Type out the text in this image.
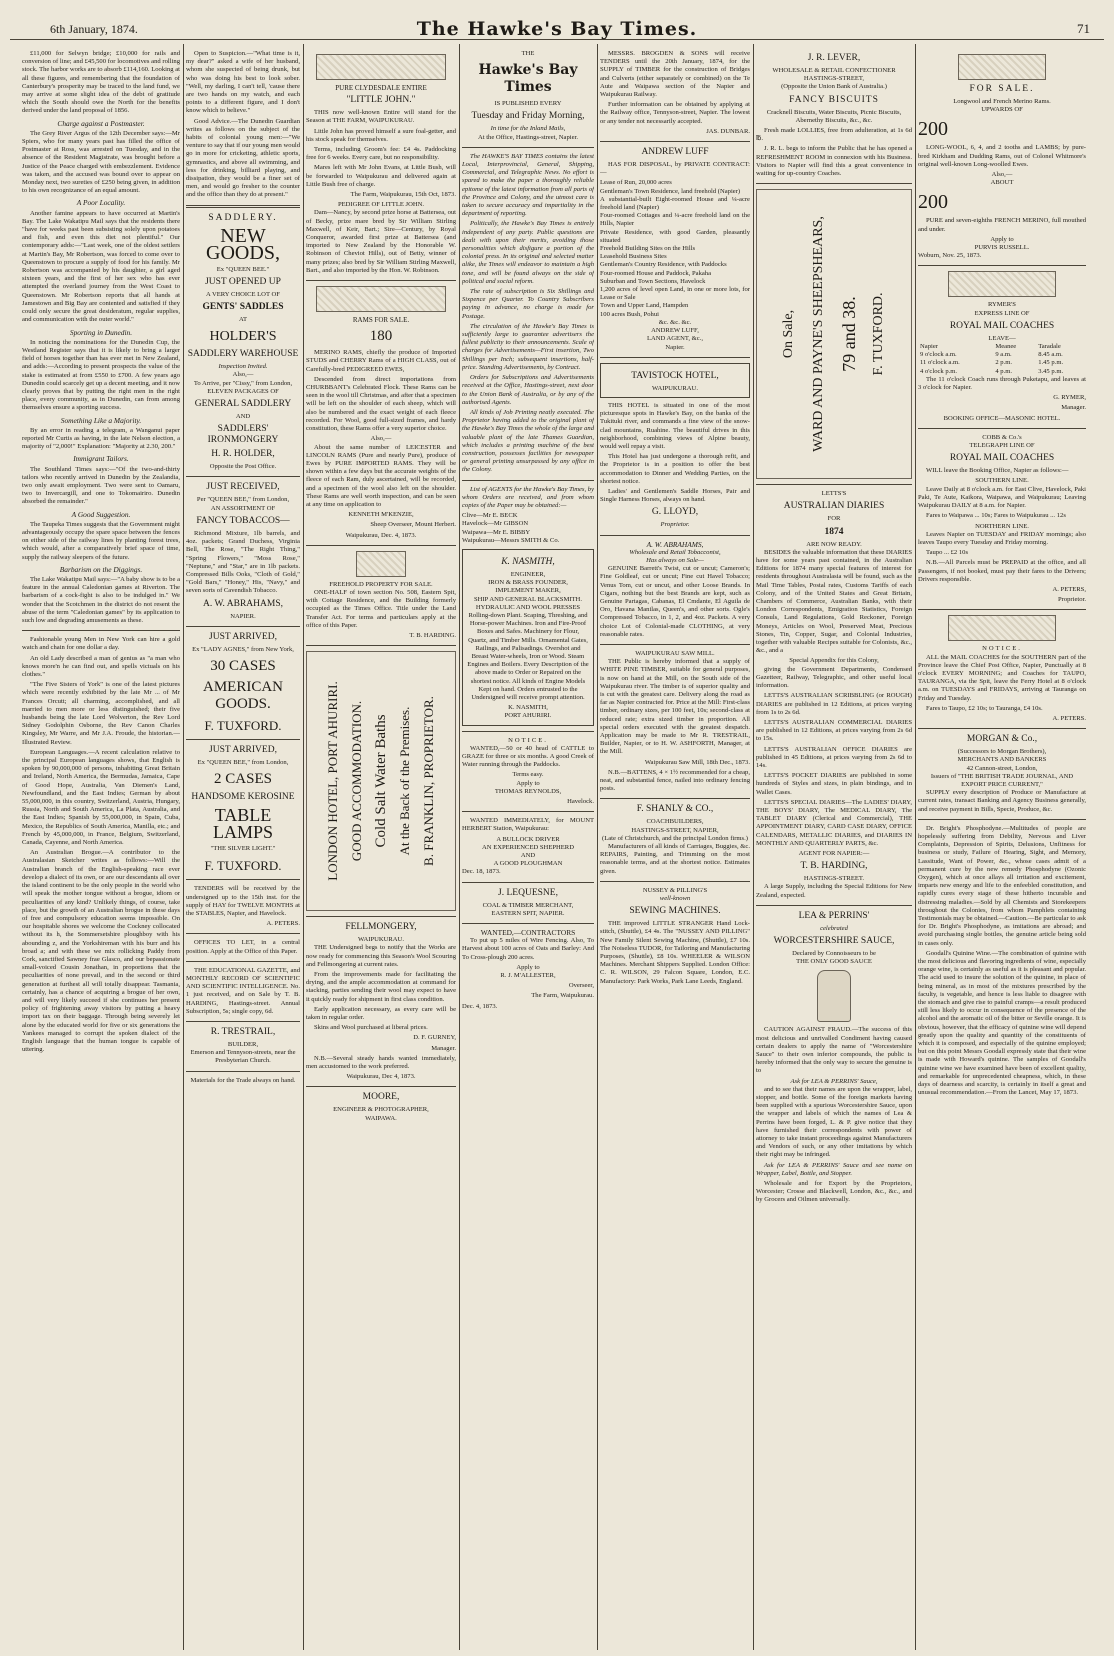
6th January, 1874.	The Hawke's Bay Times.	71

£11,000 for Selwyn bridge; £10,000 for rails and conversion of line; and £45,500 for locomotives and rolling stock. The harbor works are to absorb £114,160. Looking at all these figures, and remembering that the foundation of Canterbury's prosperity may be traced to the land fund, we may arrive at some slight idea of the debt of gratitude which the South should owe the North for the benefits derived under the land proposal of 1856.

Charge against a Postmaster.

The Grey River Argus of the 12th December says:—Mr Spiers, who for many years past has filled the office of Postmaster at Ross, was arrested on Tuesday, and in the absence of the Resident Magistrate, was brought before a Justice of the Peace charged with embezzlement. Evidence was taken, and the accused was bound over to appear on Monday next, two sureties of £250 being given, in addition to his own recognizance of an equal amount.

A Poor Locality.

Another famine appears to have occurred at Martin's Bay. The Lake Wakatipu Mail says that the residents there "have for weeks past been subsisting solely upon potatoes and fish, and even this diet not plentiful." Our contemporary adds:—"Last week, one of the oldest settlers at Martin's Bay, Mr Robertson, was forced to come over to Queenstown to procure a supply of food for his family. Mr Robertson was accompanied by his daughter, a girl aged sixteen years, and the first of her sex who has ever attempted the overland journey from the West Coast to Queenstown. Mr Robertson reports that all hands at Jamestown and Big Bay are contented and satisfied if they could only secure the great desideratum, regular supplies, and communication with the outer world."

Sporting in Dunedin.

In noticing the nominations for the Dunedin Cup, the Westland Register says that it is likely to bring a larger field of horses together than has ever met in New Zealand, and adds:—According to present prospects the value of the stake is estimated at from £550 to £700. A few years ago Dunedin could scarcely get up a decent meeting, and it now clearly proves that by putting the right men in the right place, every community, as in Dunedin, can from among themselves ensure a sporting success.

Something Like a Majority.

By an error in reading a telegram, a Wanganui paper reported Mr Curtis as having, in the late Nelson election, a majority of "2,000!" Explanation: "Majority at 2.30, 200."

Immigrant Tailors.

The Southland Times says:—"Of the two-and-thirty tailors who recently arrived in Dunedin by the Zealandia, two only await employment. Two were sent to Oamaru, two to Invercargill, and one to Tokomairiro. Dunedin absorbed the remainder."

A Good Suggestion.

The Taupeka Times suggests that the Government might advantageously occupy the spare space between the fences on either side of the railway lines by planting forest trees, which would, after a comparatively brief space of time, supply the railway sleepers of the future.

Barbarism on the Diggings.

The Lake Wakatipu Mail says:—"A baby show is to be a feature in the annual Caledonian games at Riverton. The barbarism of a cock-fight is also to be indulged in." We wonder that the Scotchmen in the district do not resent the abuse of the term "Caledonian games" by its application to such low and degrading amusements as these.

Fashionable young Men in New York can hire a gold watch and chain for one dollar a day.

An old Lady described a man of genius as "a man who knows more'n he can find out, and spells victuals on his clothes."

"The Five Sisters of York" is one of the latest pictures which were recently exhibited by the late Mr ... of Mr Frances Orcutt; all charming, accomplished, and all married to men more or less distinguished; their five husbands being the late Lord Wolverton, the Rev Lord Sidney Godolphin Osborne, the Rev Canon Charles Kingsley, Mr Warre, and Mr J.A. Froude, the historian.—Illustrated Review.

European Languages.—A recent calculation relative to the principal European languages shows, that English is spoken by 90,000,000 of persons, inhabiting Great Britain and Ireland, North America, the Bermudas, Jamaica, Cape of Good Hope, Australia, Van Diemen's Land, Newfoundland, and the East Indies; German by about 55,000,000, in this country, Switzerland, Austria, Hungary, Russia, North and South America, La Plata, Australia, and the East Indies; Spanish by 55,000,000, in Spain, Cuba, Mexico, the Republics of South America, Manilla, etc.; and French by 45,000,000, in France, Belgium, Switzerland, Canada, Cayenne, and North America.

An Australian Brogue.—A contributor to the Australasian Sketcher writes as follows:—Will the Australian branch of the English-speaking race ever develop a dialect of its own, or are our descendants all over the island continent to be the only people in the world who will speak the mother tongue without a brogue, idiom or peculiarities of any kind? Unlikely things, of course, take place, but the growth of an Australian brogue in these days of free and compulsory education seems impossible. On our hospitable shores we welcome the Cockney collocated without its h, the Sommersetshire ploughboy with his abounding z, and the Yorkshireman with his burr and his broad a; and with these we mix rollicking Paddy from Cork, sanctified Sawney frae Glasco, and our bepassionate small-voiced Cousin Jonathan, in proportions that the peculiarities of none prevail, and in the second or third generation at furthest all will totally disappear. Tasmania, certainly, has a chance of acquiring a brogue of her own, and will very likely succeed if she continues her present policy of frightening away visitors by putting a heavy import tax on their baggage. Through being severely let alone by the educated world for five or six generations the Yankees managed to corrupt the spoken dialect of the English language that the human tongue is capable of uttering.

Open to Suspicion.—"What time is it, my dear?" asked a wife of her husband, whom she suspected of being drunk, but who was doing his best to look sober. "Well, my darling, I can't tell, 'cause there are two hands on my watch, and each points to a different figure, and I don't know which to believe."

Good Advice.—The Dunedin Guardian writes as follows on the subject of the habits of colonial young men:—"We venture to say that if our young men would go in more for cricketing, athletic sports, gymnastics, and above all swimming, and less for drinking, billiard playing, and dissipation, they would be a finer set of men, and would go fresher to the counter and the office than they do at present."

SADDLERY.
NEW GOODS,
Ex "QUEEN BEE."
JUST OPENED UP
A VERY CHOICE LOT OF
GENTS' SADDLES
AT
HOLDER'S
SADDLERY WAREHOUSE
Inspection Invited.
Also,—
To Arrive, per "Cissy," from London,
ELEVEN PACKAGES OF
GENERAL SADDLERY
AND
SADDLERS' IRONMONGERY
H. R. HOLDER,
Opposite the Post Office.
JUST RECEIVED,
Per "QUEEN BEE," from London,
AN ASSORTMENT OF
FANCY TOBACCOS—

Richmond Mixture, 1lb barrels, and 4oz. packets; Grand Duchess, Virginia Bell, The Rose, "The Right Thing," "Spring Flowers," "Moss Rose," "Neptune," and "Star," are in 1lb packets. Compressed Bills Ooks, "Cloth of Gold," "Gold Bars," "Honey," His, "Navy," and seven sorts of Cavendish Tobacco.

A. W. ABRAHAMS,
NAPIER.
JUST ARRIVED,
Ex "LADY AGNES," from New York,
30 CASES
AMERICAN GOODS.
F. TUXFORD.
JUST ARRIVED,
Ex "QUEEN BEE," from London,
2 CASES
HANDSOME KEROSINE
TABLE LAMPS
"THE SILVER LIGHT."
F. TUXFORD.

TENDERS will be received by the undersigned up to the 15th inst. for the supply of HAY for TWELVE MONTHS at the STABLES, Napier, and Havelock.

A. PETERS.

OFFICES TO LET, in a central position. Apply at the Office of this Paper.

THE EDUCATIONAL GAZETTE, and MONTHLY RECORD OF SCIENTIFIC AND SCIENTIFIC INTELLIGENCE. No. 1 just received, and on Sale by T. B. HARDING, Hastings-street. Annual Subscription, 5s; single copy, 6d.

R. TRESTRAIL,
BUILDER,
Emerson and Tennyson-streets, near the Presbyterian Church.
Materials for the Trade always on hand.
PURE CLYDESDALE ENTIRE
"LITTLE JOHN."

THIS now well-known Entire will stand for the Season at THE FARM, WAIPUKURAU.

Little John has proved himself a sure foal-getter, and his stock speak for themselves.

Terms, including Groom's fee: £4 4s. Paddocking free for 6 weeks. Every care, but no responsibility.

Mares left with Mr John Evans, at Little Bush, will be forwarded to Waipukurau and delivered again at Little Bush free of charge.

The Farm, Waipukurau, 15th Oct, 1873.
PEDIGREE OF LITTLE JOHN.

Dam—Nancy, by second prize horse at Battersea, out of Becky, prize mare bred by Sir William Stirling Maxwell, of Keir, Bart.; Sire—Century, by Royal Conqueror, awarded first prize at Battersea (and imported to New Zealand by the Honorable W. Robinson of Cheviot Hills), out of Betty, winner of many prizes; also bred by Sir William Stirling Maxwell, Bart., and also imported by the Hon. W. Robinson.

RAMS FOR SALE.
180

MERINO RAMS, chiefly the produce of Imported STUDS and CHERRY Rams of a HIGH CLASS, out of Carefully-bred PEDIGREED EWES,

Descended from direct importations from CHURBBANT's Celebrated Flock. These Rams can be seen in the wool till Christmas, and after that a specimen will be left on the shoulder of each sheep, which will also be numbered and the exact weight of each fleece recorded. For Wool, good full-sized frames, and hardy constitution, these Rams offer a very superior choice.

Also,—

About the same number of LEICESTER and LINCOLN RAMS (Pure and nearly Pure), produce of Ewes by PURE IMPORTED RAMS. They will be shown within a few days but the accurate weights of the fleece of each Ram, duly ascertained, will be recorded, and a specimen of the wool also left on the shoulder. These Rams are well worth inspection, and can be seen at any time on application to

KENNETH M'KENZIE,
Sheep Overseer, Mount Herbert.
Waipukurau, Dec. 4, 1873.
FREEHOLD PROPERTY FOR SALE.

ONE-HALF of town section No. 508, Eastern Spit, with Cottage Residence, and the Building formerly occupied as the Times Office. Title under the Land Transfer Act. For terms and particulars apply at the office of this Paper.

T. B. HARDING.
LONDON HOTEL, PORT AHURIRI. GOOD ACCOMMODATION. Cold Salt Water Baths At the Back of the Premises. B. FRANKLIN, PROPRIETOR.
FELLMONGERY,
WAIPUKURAU.

THE Undersigned begs to notify that the Works are now ready for commencing this Season's Wool Scouring and Fellmongering at current rates.

From the improvements made for facilitating the drying, and the ample accommodation at command for stacking, parties sending their wool may expect to have it quickly ready for shipment in first class condition.

Early application necessary, as every care will be taken in regular order.

Skins and Wool purchased at liberal prices.

D. F. GURNEY,
Manager.

N.B.—Several steady hands wanted immediately, men accustomed to the work preferred.

Waipukurau, Dec 4, 1873.
MOORE,
ENGINEER & PHOTOGRAPHER,
WAIPAWA.
THE
Hawke's Bay Times
IS PUBLISHED EVERY
Tuesday and Friday Morning,
In time for the Inland Mails,
At the Office, Hastings-street, Napier.

The HAWKE'S BAY TIMES contains the latest Local, Interprovincial, General, Shipping, Commercial, and Telegraphic News. No effort is spared to make the paper a thoroughly reliable epitome of the latest information from all parts of the Province and Colony, and the utmost care is taken to secure accuracy and impartiality in the department of reporting.

Politically, the Hawke's Bay Times is entirely independent of any party. Public questions are dealt with upon their merits, avoiding those personalities which disfigure a portion of the colonial press. In its original and selected matter alike, the Times will endeavor to maintain a high tone, and will be found always on the side of political and social reform.

The rate of subscription is Six Shillings and Sixpence per Quarter. To Country Subscribers paying in advance, no charge is made for Postage.

The circulation of the Hawke's Bay Times is sufficiently large to guarantee advertisers the fullest publicity to their announcements. Scale of charges for Advertisements—First insertion, Two Shillings per Inch; subsequent insertions, half-price. Standing Advertisements, by Contract.

Orders for Subscriptions and Advertisements received at the Office, Hastings-street, next door to the Union Bank of Australia, or by any of the authorised Agents.

All kinds of Job Printing neatly executed. The Proprietor having added to the original plant of the Hawke's Bay Times the whole of the large and valuable plant of the late Thames Guardian, which includes a printing machine of the best construction, possesses facilities for newspaper or general printing unsurpassed by any office in the Colony.

List of AGENTS for the Hawke's Bay Times, by whom Orders are received, and from whom copies of the Paper may be obtained:—

Clive—Mr E. BECK
Havelock—Mr GIBSON
Waipawa—Mr E. BIBBY
Waipukurau—Messrs SMITH & Co.
K. NASMITH,
ENGINEER,
IRON & BRASS FOUNDER,
IMPLEMENT MAKER,
SHIP AND GENERAL BLACKSMITH.
HYDRAULIC AND WOOL PRESSES

Rolling-down Plant. Scaping, Threshing, and Horse-power Machines. Iron and Fire-Proof Boxes and Safes. Machinery for Flour, Quartz, and Timber Mills. Ornamental Gates, Railings, and Palisadings. Overshot and Breast Water-wheels, Iron or Wood. Steam Engines and Boilers. Every Description of the above made to Order or Repaired on the shortest notice. All kinds of Engine Models Kept on hand. Orders entrusted to the Undersigned will receive prompt attention.

K. NASMITH,
PORT AHURIRI.
NOTICE.

WANTED,—50 or 40 head of CATTLE to GRAZE for three or six months. A good Creek of Water running through the Paddocks.

Terms easy.
Apply to
THOMAS REYNOLDS,
Havelock.

WANTED IMMEDIATELY, for MOUNT HERBERT Station, Waipukurau:

A BULLOCK DRIVER
AN EXPERIENCED SHEPHERD
AND
A GOOD PLOUGHMAN
Dec. 18, 1873.
J. LEQUESNE,
COAL & TIMBER MERCHANT,
EASTERN SPIT, NAPIER.
WANTED,—CONTRACTORS

To put up 5 miles of Wire Fencing. Also, To Harvest about 100 acres of Oats and Barley: And To Cross-plough 200 acres.

Apply to
R. J. M'ALLESTER,
Overseer,
The Farm, Waipukurau.
Dec. 4, 1873.

MESSRS. BROGDEN & SONS will receive TENDERS until the 20th January, 1874, for the SUPPLY of TIMBER for the construction of Bridges and Culverts (either separately or combined) on the Te Aute and Waipawa section of the Napier and Waipukurau Railway.

Further information can be obtained by applying at the Railway office, Tennyson-street, Napier. The lowest or any tender not necessarily accepted.

JAS. DUNBAR.
ANDREW LUFF

HAS FOR DISPOSAL, by PRIVATE CONTRACT:—

Lease of Run, 20,000 acres
Gentleman's Town Residence, land freehold (Napier)
A substantial-built Eight-roomed House and ¼-acre freehold land (Napier)
Four-roomed Cottages and ¼-acre freehold land on the Hills, Napier
Private Residence, with good Garden, pleasantly situated
Freehold Building Sites on the Hills
Leasehold Business Sites
Gentleman's Country Residence, with Paddocks
Four-roomed House and Paddock, Pakaha
Suburban and Town Sections, Havelock
1,200 acres of level open Land, in one or more lots, for Lease or Sale
Town and Upper Land, Hampden
100 acres Bush, Pohui
&c. &c. &c.
ANDREW LUFF,
LAND AGENT, &c.,
Napier.
TAVISTOCK HOTEL,
WAIPUKURAU.

THIS HOTEL is situated in one of the most picturesque spots in Hawke's Bay, on the banks of the Tukituki river, and commands a fine view of the snow-clad mountains, Ruahine. The beautiful drives in this neighborhood, combining views of Alpine beauty, would well repay a visit.

This Hotel has just undergone a thorough refit, and the Proprietor is in a position to offer the best accommodation to Dinner and Wedding Parties, on the shortest notice.

Ladies' and Gentlemen's Saddle Horses, Pair and Single Harness Horses, always on hand.

G. LLOYD,
Proprietor.
A. W. ABRAHAMS,
Wholesale and Retail Tobacconist,
Has always on Sale—

GENUINE Barrett's Twist, cut or uncut; Cameron's; Fine Goldleaf, cut or uncut; Fine cut Havel Tobacco; Venus Tom, cut or uncut, and other Loose Brands. In Cigars, nothing but the best Brands are kept, such as Genuine Partagas, Cabanas, El Cmdante, El Aguila de Oro, Havana Manilas, Queen's, and other sorts. Ogle's Compressed Tobacco, in 1, 2, and 4oz. Packets. A very choice Lot of Colonial-made CLOTHING, at very reasonable rates.

WAIPUKURAU SAW MILL.

THE Public is hereby informed that a supply of WHITE PINE TIMBER, suitable for general purposes, is now on hand at the Mill, on the South side of the Waipukurau river. The timber is of superior quality and is cut with the greatest care. Delivery along the road as far as Napier contracted for. Price at the Mill: First-class timber, ordinary sizes, per 100 feet, 10s; second-class at reduced rate; extra sized timber in proportion. All special orders executed with the greatest despatch. Application may be made to Mr R. TRESTRAIL, Builder, Napier, or to H. W. ASHFORTH, Manager, at the Mill.

Waipukurau Saw Mill, 18th Dec., 1873.

N.B.—BATTENS, 4 × 1½ recommended for a cheap, neat, and substantial fence, nailed into ordinary fencing posts.

F. SHANLY & CO.,
COACHBUILDERS,
HASTINGS-STREET, NAPIER,
(Late of Christchurch, and the principal London firms.)

Manufacturers of all kinds of Carriages, Buggies, &c. REPAIRS, Painting, and Trimming on the most reasonable terms, and at the shortest notice. Estimates given.

NUSSEY & PILLING'S
well-known
SEWING MACHINES.

THE improved LITTLE STRANGER Hand Lock-stitch, (Shuttle), £4 4s. The "NUSSEY AND PILLING" New Family Silent Sewing Machine, (Shuttle), £7 10s. The Noiseless TUDOR, for Tailoring and Manufacturing Purposes, (Shuttle), £8 10s. WHEELER & WILSON Machines. Merchant Shippers Supplied. London Office: C. R. WILSON, 29 Falcon Square, London, E.C. Manufactory: Park Works, Park Lane Leeds, England.

J. R. LEVER,
WHOLESALE & RETAIL CONFECTIONER
HASTINGS-STREET,
(Opposite the Union Bank of Australia.)
FANCY BISCUITS

Cracknell Biscuits, Water Biscuits, Picnic Biscuits, Abernethy Biscuits, &c., &c.

Fresh made LOLLIES, free from adulteration, at 1s 6d ℔.

J. R. L. begs to inform the Public that he has opened a REFRESHMENT ROOM in connexion with his Business. Visitors to Napier will find this a great convenience in waiting for up-country Coaches.

On Sale,	WARD AND PAYNE'S SHEEPSHEARS, 79 and 38. F. TUXFORD.
LETTS'S
AUSTRALIAN DIARIES
FOR
1874
ARE NOW READY.

BESIDES the valuable information that these DIARIES have for some years past contained, in the Australian Editions for 1874 many special features of interest for residents throughout Australasia will be found, such as the Mail Time Tables, Postal rates, Customs Tariffs of each Colony, and of the United States and Great Britain, Chambers of Commerce, Australian Banks, with their London Correspondents, Emigration Statistics, Foreign Consuls, Land Regulations, Gold Reckoner, Foreign Moneys, Articles on Wool, Preserved Meat, Precious Stones, Tin, Copper, Sugar, and Colonial Industries, together with valuable Recipes suitable for Colonists, &c., &c., and a

Special Appendix for this Colony,

giving the Government Departments, Condensed Gazetteer, Railway, Telegraphic, and other useful local information.

LETTS'S AUSTRALIAN SCRIBBLING (or ROUGH) DIARIES are published in 12 Editions, at prices varying from 1s to 2s 6d.

LETTS'S AUSTRALIAN COMMERCIAL DIARIES are published in 12 Editions, at prices varying from 2s 6d to 15s.

LETTS'S AUSTRALIAN OFFICE DIARIES are published in 45 Editions, at prices varying from 2s 6d to 14s.

LETTS'S POCKET DIARIES are published in some hundreds of Styles and sizes, in plain bindings, and in Wallet Cases.

LETTS'S SPECIAL DIARIES—The LADIES' DIARY, THE BOYS' DIARY, The MEDICAL DIARY, The TABLET DIARY (Clerical and Commercial), THE APPOINTMENT DIARY, CARD CASE DIARY, OFFICE CALENDARS, METALLIC DIARIES, and DIARIES IN MONTHLY AND QUARTERLY PARTS, &c.

AGENT FOR NAPIER:—
T. B. HARDING,
HASTINGS-STREET.

A large Supply, including the Special Editions for New Zealand, expected.

LEA & PERRINS'
celebrated
WORCESTERSHIRE SAUCE,
Declared by Connoisseurs to be
THE ONLY GOOD SAUCE

CAUTION AGAINST FRAUD.—The success of this most delicious and unrivalled Condiment having caused certain dealers to apply the name of "Worcestershire Sauce" to their own inferior compounds, the public is hereby informed that the only way to secure the genuine is to

Ask for LEA & PERRINS' Sauce,

and to see that their names are upon the wrapper, label, stopper, and bottle. Some of the foreign markets having been supplied with a spurious Worcestershire Sauce, upon the wrapper and labels of which the names of Lea & Perrins have been forged, L. & P. give notice that they have furnished their correspondents with power of attorney to take instant proceedings against Manufacturers and Vendors of such, or any other imitations by which their right may be infringed.

Ask for LEA & PERRINS' Sauce and see name on Wrapper, Label, Bottle, and Stopper.

Wholesale and for Export by the Proprietors, Worcester; Crosse and Blackwell, London, &c., &c., and by Grocers and Oilmen universally.

FOR SALE.
Longwool and French Merino Rams.
UPWARDS OF
200

LONG-WOOL, 6, 4, and 2 tooths and LAMBS; by pure-bred Kirkham and Dudding Rams, out of Colonel Whitmore's original well-known Long-woolled Ewes.

Also,—
ABOUT
200

PURE and seven-eighths FRENCH MERINO, full mouthed and under.

Apply to
PURVIS RUSSELL.
Woburn, Nov. 25, 1873.
RYMER'S
EXPRESS LINE OF
ROYAL MAIL COACHES
LEAVE—
Napier	Meanee	Taradale
9 o'clock a.m.	9 a.m.	8.45 a.m.
11 o'clock a.m.	2 p.m.	1.45 p.m.
4 o'clock p.m.	4 p.m.	3.45 p.m.

The 11 o'clock Coach runs through Puketapu, and leaves at 3 o'clock for Napier.

G. RYMER,
Manager.
BOOKING OFFICE—MASONIC HOTEL.
COBB & Co.'s
TELEGRAPH LINE OF
ROYAL MAIL COACHES

WILL leave the Booking Office, Napier as follows:—

SOUTHERN LINE.

Leave Daily at 8 o'clock a.m. for East Clive, Havelock, Paki Paki, Te Aute, Kaikora, Waipawa, and Waipukurau; Leaving Waipukurau DAILY at 8 a.m. for Napier.

Fares to Waipawa ... 10s; Fares to Waipukurau ... 12s

NORTHERN LINE.

Leaves Napier on TUESDAY and FRIDAY mornings; also leaves Taupo every Tuesday and Friday morning.

Taupo ... £2 10s

N.B.—All Parcels must be PREPAID at the office, and all Passengers, if not booked, must pay their fares to the Drivers; Drivers responsible.

A. PETERS,
Proprietor.
NOTICE.

ALL the MAIL COACHES for the SOUTHERN part of the Province leave the Chief Post Office, Napier, Punctually at 8 o'clock EVERY MORNING; and Coaches for TAUPO, TAURANGA, via the Spit, leave the Ferry Hotel at 8 o'clock a.m. on TUESDAYS and FRIDAYS, arriving at Tauranga on Friday and Tuesday.

Fares to Taupo, £2 10s; to Tauranga, £4 10s.

A. PETERS.
MORGAN & Co.,
(Successors to Morgan Brothers),
MERCHANTS AND BANKERS
42 Cannon-street, London,
Issuers of "THE BRITISH TRADE JOURNAL, AND EXPORT PRICE CURRENT,"

SUPPLY every description of Produce or Manufacture at current rates, transact Banking and Agency Business generally, and receive payment in Bills, Specie, Produce, &c.

Dr. Bright's Phosphodyne.—Multitudes of people are hopelessly suffering from Debility, Nervous and Liver Complaints, Depression of Spirits, Delusions, Unfitness for business or study, Failure of Hearing, Sight, and Memory, Lassitude, Want of Power, &c., whose cases admit of a permanent cure by the new remedy Phosphodyne (Ozonic Oxygen), which at once allays all irritation and excitement, imparts new energy and life to the enfeebled constitution, and rapidly cures every stage of these hitherto incurable and distressing maladies.—Sold by all Chemists and Storekeepers throughout the Colonies, from whom Pamphlets containing Testimonials may be obtained.—Caution.—Be particular to ask for Dr. Bright's Phosphodyne, as imitations are abroad; and avoid purchasing single bottles, the genuine article being sold in cases only.

Goodall's Quinine Wine.—The combination of quinine with the most delicious and flavoring ingredients of wine, especially orange wine, is certainly as useful as it is pleasant and popular. The acid used to insure the solution of the quinine, in place of being mineral, as in most of the mixtures prescribed by the faculty, is vegetable, and hence is less liable to disagree with the stomach and give rise to painful cramps—a result produced still less likely to occur in consequence of the presence of the alcohol and the aromatic oil of the bitter or Seville orange. It is obvious, however, that the efficacy of quinine wine will depend greatly upon the quality and quantity of the constituents of which it is composed, and especially of the quinine employed; but on this point Messrs Goodall expressly state that their wine is made with Howard's quinine. The samples of Goodall's quinine wine we have examined have been of excellent quality, and remarkable for unprecedented cheapness, which, in these days of dearness and scarcity, is certainly in itself a great and unusual recommendation.—From the Lancet, May 17, 1873.
